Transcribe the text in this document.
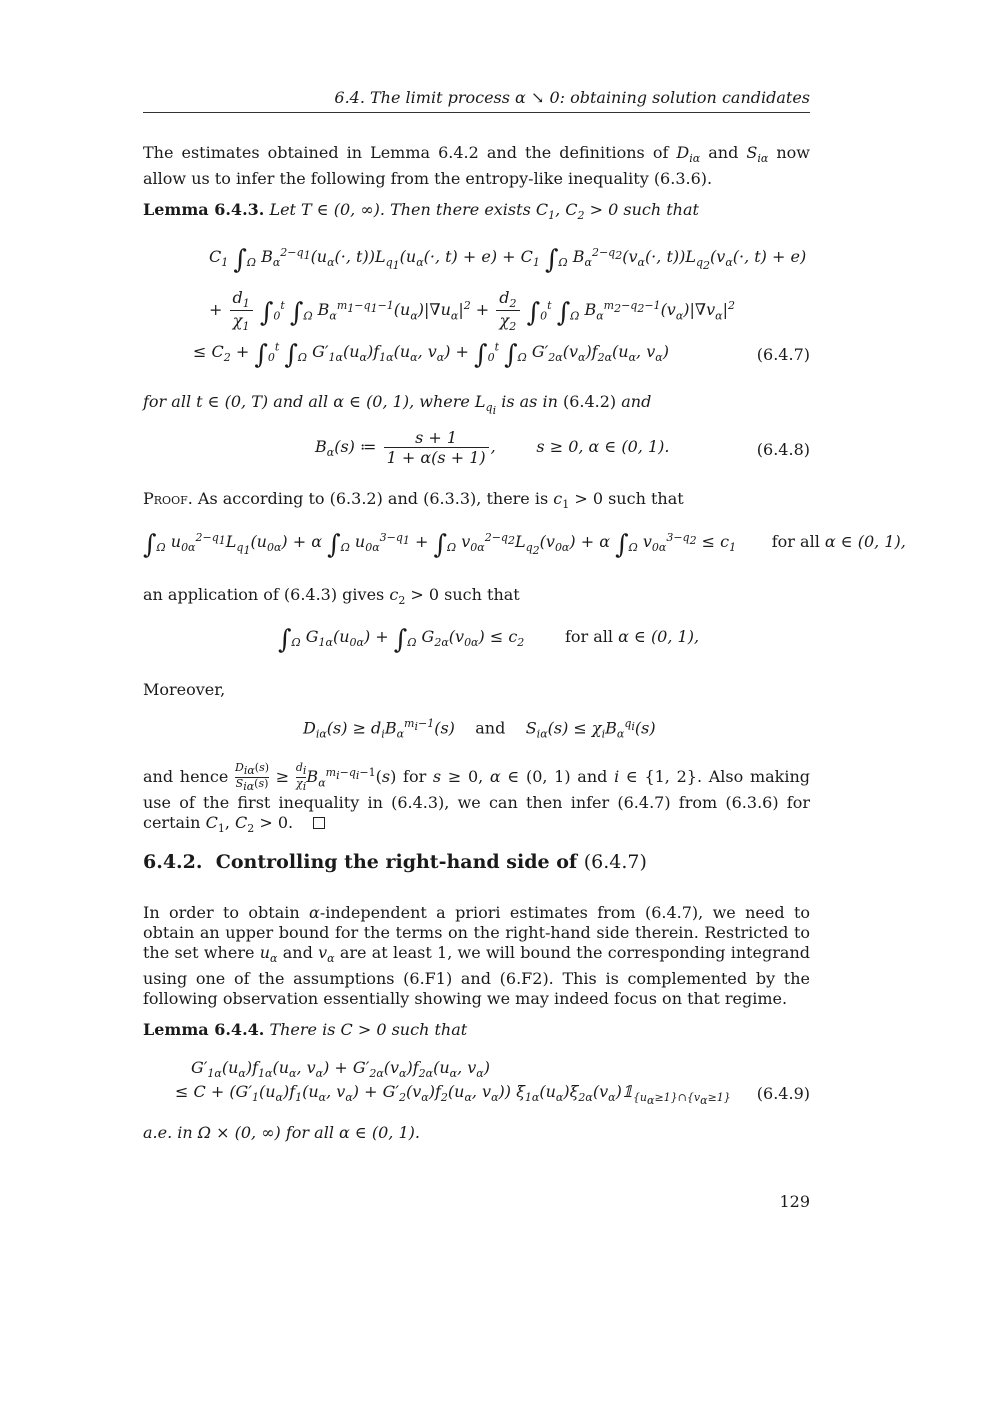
6.4. The limit process α ↘ 0: obtaining solution candidates
The estimates obtained in Lemma 6.4.2 and the definitions of $D_{i\alpha}$ and $S_{i\alpha}$ now allow us to infer the following from the entropy-like inequality (6.3.6).
Lemma 6.4.3. Let T ∈ (0, ∞). Then there exists $C_1$, $C_2 > 0$ such that
$C_1$ $\int_\Omega$ $B_\alpha^{2-q_1}(u_\alpha(\cdot$, $t))L_{q_1}(u_\alpha(\cdot$, $t) + e) + C_1$ $\int_\Omega$ $B_\alpha^{2-q_2}(v_\alpha(\cdot$, $t))L_{q_2}(v_\alpha(\cdot$, t) + e)
+ $\frac{d_1}{\chi_1} \int_0^t$ $\int_\Omega$ $B_\alpha^{m_1-q_1-1}(u_\alpha)|\nabla u_\alpha|^2 + \frac{d_2}{\chi_2} \int_0^t$ $\int_\Omega$ $B_\alpha^{m_2-q_2-1}(v_\alpha)|\nabla v_\alpha|^2$
≤ $C_2 + \int_0^t$ $\int_\Omega$ $G'_{1\alpha}(u_\alpha)f_{1\alpha}(u_\alpha$, $v_\alpha) + \int_0^t$ $\int_\Omega$ $G'_{2\alpha}(v_\alpha)f_{2\alpha}(u_\alpha$, $v_\alpha$)	(6.4.7)
for all t ∈ (0, T) and all α ∈ (0, 1), where $L_{q_i}$ is as in (6.4.2) and
$B_\alpha(s)$ ≔ $\frac{s + 1}{1 + \alpha(s + 1)}$ ,        s ≥ 0, α ∈ (0, 1).	(6.4.8)
Proof. As according to (6.3.2) and (6.3.3), there is $c_1 > 0$ such that
$\int_\Omega$ $u_{0\alpha}^{2-q_1}L_{q_1}(u_{0\alpha}) + \alpha$ $\int_\Omega$ $u_{0\alpha}^{3-q_1} + \int_\Omega$ $v_{0\alpha}^{2-q_2}L_{q_2}(v_{0\alpha}) + \alpha$ $\int_\Omega$ $v_{0\alpha}^{3-q_2} \le c_1$ for all α ∈ (0, 1),
an application of (6.4.3) gives $c_2 > 0$ such that
$\int_\Omega$ $G_{1\alpha}(u_{0\alpha}) + \int_\Omega$ $G_{2\alpha}(v_{0\alpha}) \le c_2$	for all α ∈ (0, 1),
Moreover,
$D_{i\alpha}(s) \ge d_iB_\alpha^{m_i-1}(s)$    and    $S_{i\alpha}(s) \le \chi_iB_\alpha^{q_i}(s)$
and hence $D_{i\alpha}(s)$
$S_{i\alpha}(s) \ge \frac{d_i}{\chi_i}B_\alpha^{m_i-q_i-1}(s)$ for s ≥ 0, α ∈ (0, 1) and i ∈ {1, 2}. Also making use of the first inequality in (6.4.3), we can then infer (6.4.7) from (6.3.6) for certain $C_1$, $C_2 > 0$.
6.4.2. Controlling the right-hand side of (6.4.7)
In order to obtain α-independent a priori estimates from (6.4.7), we need to obtain an upper bound for the terms on the right-hand side therein. Restricted to the set where $u_\alpha$ and $v_\alpha$ are at least 1, we will bound the corresponding integrand using one of the assumptions (6.F1) and (6.F2). This is complemented by the following observation essentially showing we may indeed focus on that regime.
Lemma 6.4.4. There is C > 0 such that
$G'_{1\alpha}(u_\alpha)f_{1\alpha}(u_\alpha$, $v_\alpha) + G'_{2\alpha}(v_\alpha)f_{2\alpha}(u_\alpha$, $v_\alpha$)
≤ $C + (G'_1(u_\alpha)f_1(u_\alpha$, $v_\alpha) + G'_2(v_\alpha)f_2(u_\alpha$, $v_\alpha$)) $\xi_{1\alpha}(u_\alpha)\xi_{2\alpha}(v_\alpha)𝟙_{\{u_\alpha\ge 1\}\cap\{v_\alpha\ge 1\}}$ (6.4.9)
a.e. in Ω × (0, ∞) for all α ∈ (0, 1).
129
